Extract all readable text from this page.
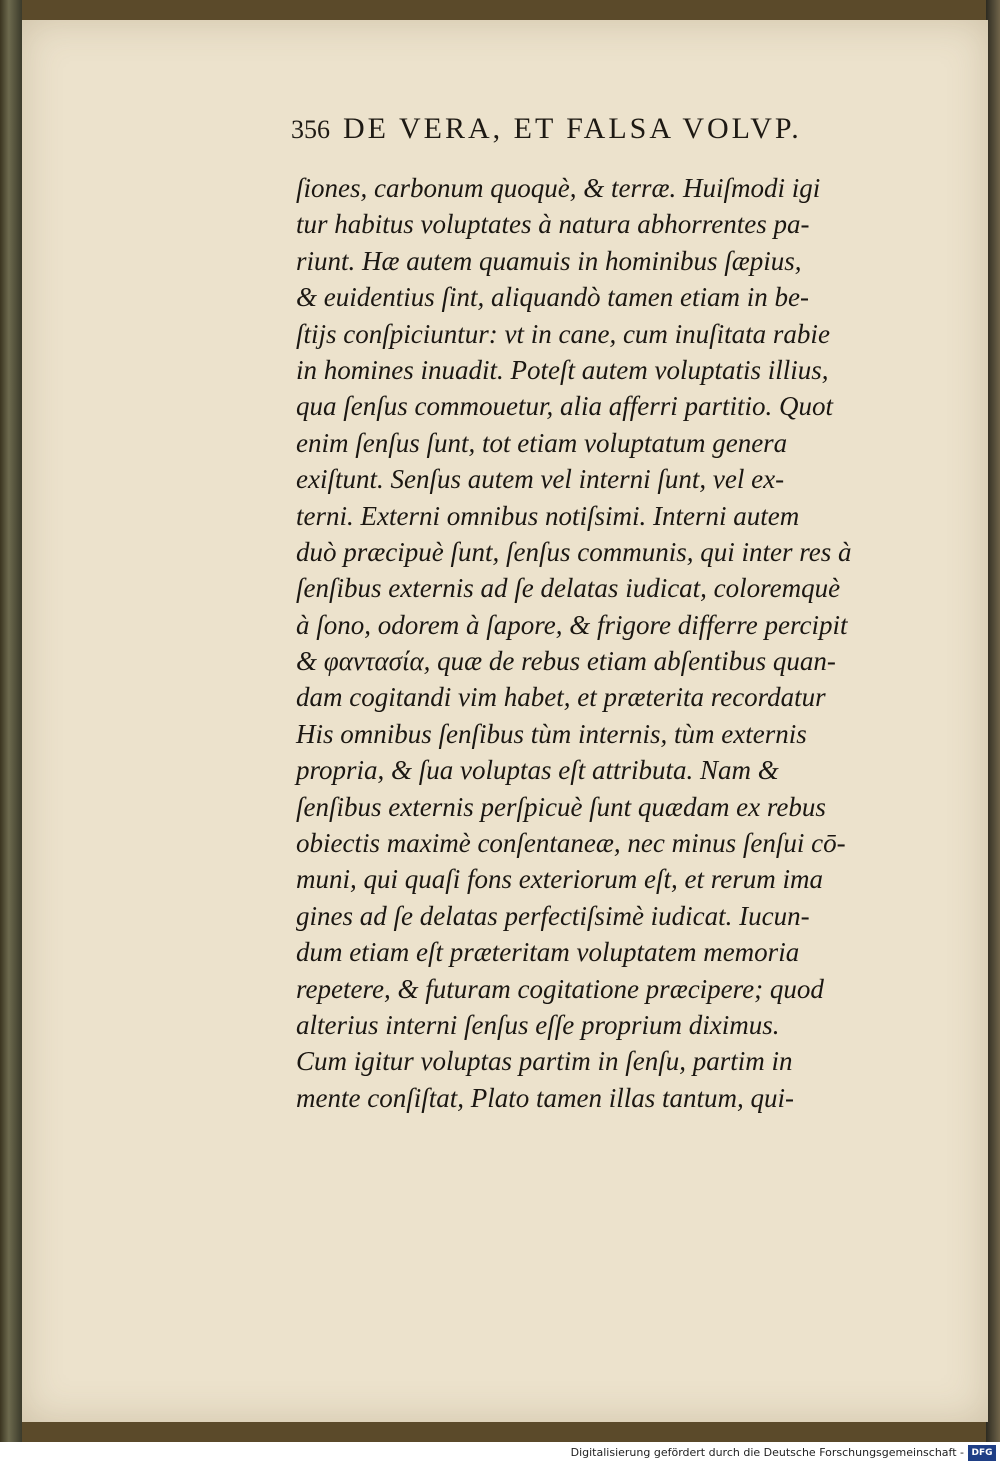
356 DE VERA, ET FALSA VOLVP.
ſiones, carbonum quoquè, & terræ. Huiſmodi igi
tur habitus voluptates à natura abhorrentes pa-
riunt. Hæ autem quamuis in hominibus ſæpius,
& euidentius ſint, aliquandò tamen etiam in be-
ſtijs conſpiciuntur: vt in cane, cum inuſitata rabie
in homines inuadit. Poteſt autem voluptatis illius,
qua ſenſus commouetur, alia afferri partitio. Quot
enim ſenſus ſunt, tot etiam voluptatum genera
exiſtunt. Senſus autem vel interni ſunt, vel ex-
terni. Externi omnibus notiſsimi. Interni autem
duò præcipuè ſunt, ſenſus communis, qui inter res à
ſenſibus externis ad ſe delatas iudicat, coloremquè
à ſono, odorem à ſapore, & frigore differre percipit
& φαντασία, quæ de rebus etiam abſentibus quan-
dam cogitandi vim habet, et præterita recordatur
His omnibus ſenſibus tùm internis, tùm externis
propria, & ſua voluptas eſt attributa. Nam &
ſenſibus externis perſpicuè ſunt quædam ex rebus
obiectis maximè conſentaneæ, nec minus ſenſui cō-
muni, qui quaſi fons exteriorum eſt, et rerum ima
gines ad ſe delatas perfectiſsimè iudicat. Iucun-
dum etiam eſt præteritam voluptatem memoria
repetere, & futuram cogitatione præcipere; quod
alterius interni ſenſus eſſe proprium diximus.
Cum igitur voluptas partim in ſenſu, partim in
mente conſiſtat, Plato tamen illas tantum, qui-
Digitalisierung gefördert durch die Deutsche Forschungsgemeinschaft - DFG
